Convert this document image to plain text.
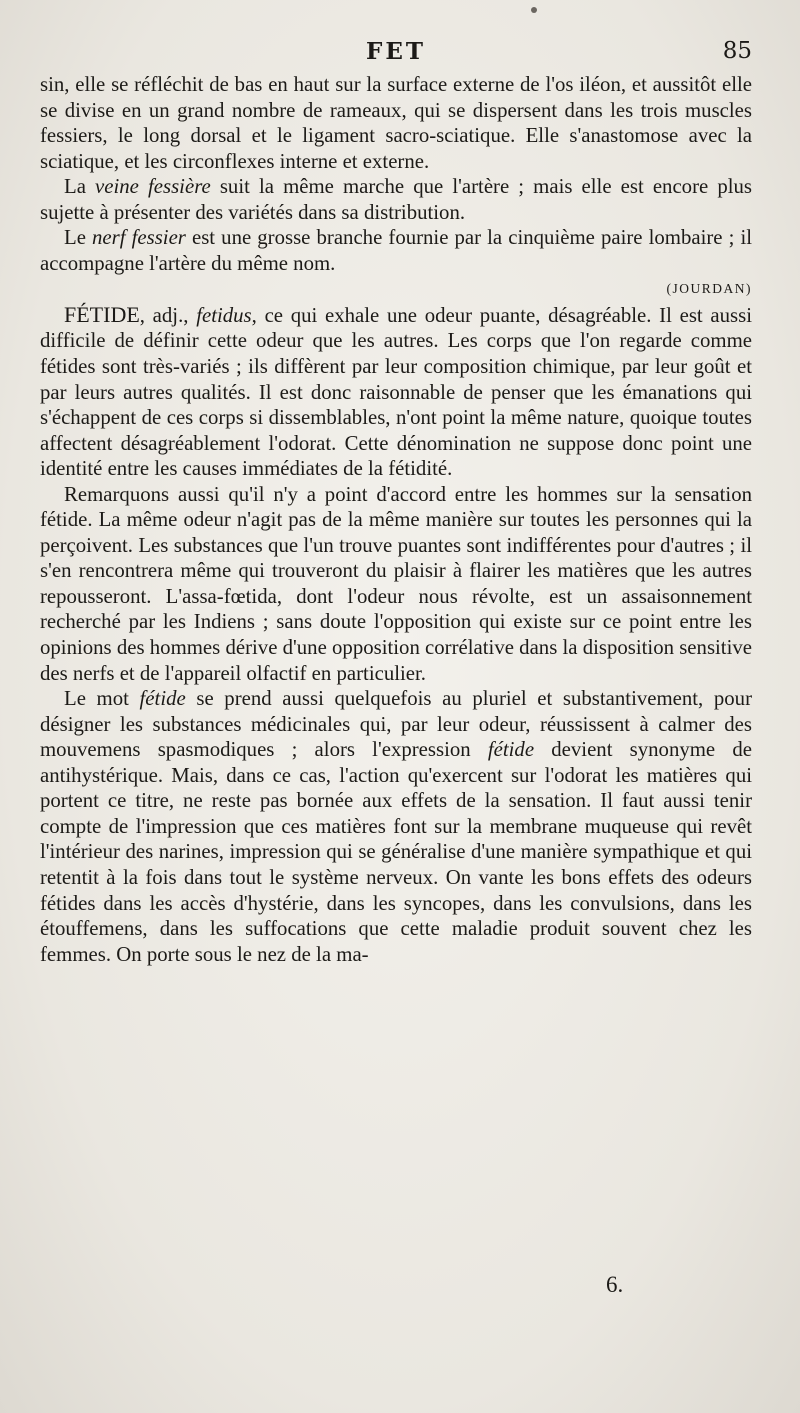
FET	85

sin, elle se réfléchit de bas en haut sur la surface externe de l'os iléon, et aussitôt elle se divise en un grand nombre de rameaux, qui se dispersent dans les trois muscles fessiers, le long dorsal et le ligament sacro-sciatique. Elle s'anastomose avec la sciatique, et les circonflexes interne et externe.

La veine fessière suit la même marche que l'artère ; mais elle est encore plus sujette à présenter des variétés dans sa distribution.

Le nerf fessier est une grosse branche fournie par la cinquième paire lombaire ; il accompagne l'artère du même nom.

(JOURDAN)

FÉTIDE, adj., fetidus, ce qui exhale une odeur puante, désagréable. Il est aussi difficile de définir cette odeur que les autres. Les corps que l'on regarde comme fétides sont très-variés ; ils diffèrent par leur composition chimique, par leur goût et par leurs autres qualités. Il est donc raisonnable de penser que les émanations qui s'échappent de ces corps si dissemblables, n'ont point la même nature, quoique toutes affectent désagréablement l'odorat. Cette dénomination ne suppose donc point une identité entre les causes immédiates de la fétidité.

Remarquons aussi qu'il n'y a point d'accord entre les hommes sur la sensation fétide. La même odeur n'agit pas de la même manière sur toutes les personnes qui la perçoivent. Les substances que l'un trouve puantes sont indifférentes pour d'autres ; il s'en rencontrera même qui trouveront du plaisir à flairer les matières que les autres repousseront. L'assa-fœtida, dont l'odeur nous révolte, est un assaisonnement recherché par les Indiens ; sans doute l'opposition qui existe sur ce point entre les opinions des hommes dérive d'une opposition corrélative dans la disposition sensitive des nerfs et de l'appareil olfactif en particulier.

Le mot fétide se prend aussi quelquefois au pluriel et substantivement, pour désigner les substances médicinales qui, par leur odeur, réussissent à calmer des mouvemens spasmodiques ; alors l'expression fétide devient synonyme de antihystérique. Mais, dans ce cas, l'action qu'exercent sur l'odorat les matières qui portent ce titre, ne reste pas bornée aux effets de la sensation. Il faut aussi tenir compte de l'impression que ces matières font sur la membrane muqueuse qui revêt l'intérieur des narines, impression qui se généralise d'une manière sympathique et qui retentit à la fois dans tout le système nerveux. On vante les bons effets des odeurs fétides dans les accès d'hystérie, dans les syncopes, dans les convulsions, dans les étouffemens, dans les suffocations que cette maladie produit souvent chez les femmes. On porte sous le nez de la ma-

6.
